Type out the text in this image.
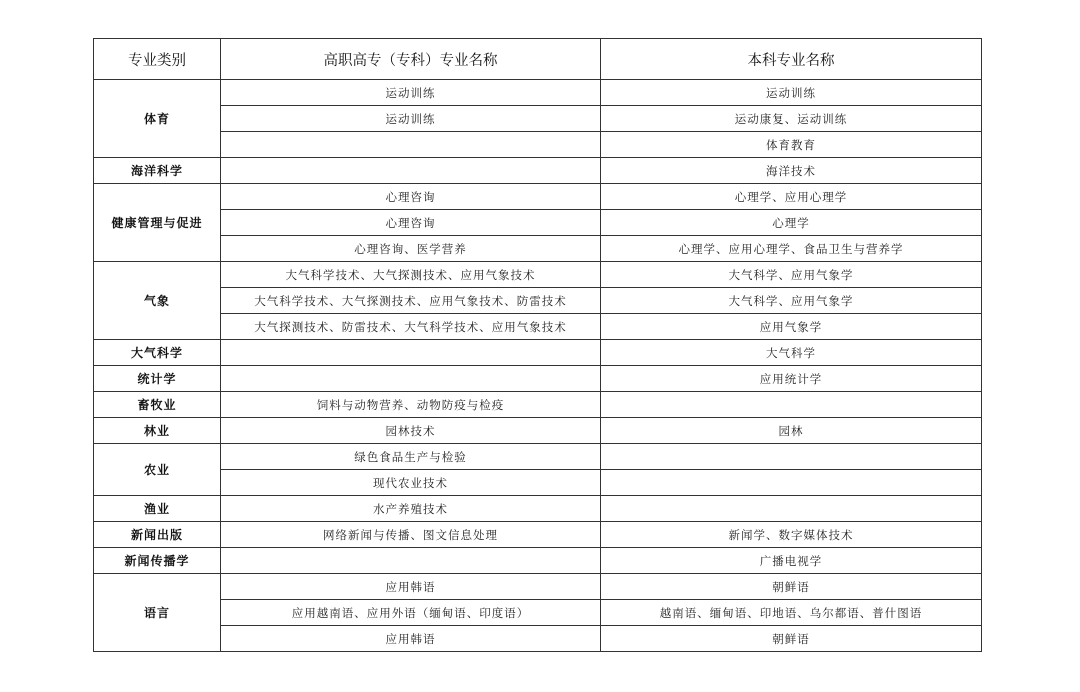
专业类别	高职高专（专科）专业名称	本科专业名称
体育	运动训练	运动训练
	运动训练	运动康复、运动训练
		体育教育
海洋科学		海洋技术
健康管理与促进	心理咨询	心理学、应用心理学
	心理咨询	心理学
	心理咨询、医学营养	心理学、应用心理学、食品卫生与营养学
气象	大气科学技术、大气探测技术、应用气象技术	大气科学、应用气象学
	大气科学技术、大气探测技术、应用气象技术、防雷技术	大气科学、应用气象学
	大气探测技术、防雷技术、大气科学技术、应用气象技术	应用气象学
大气科学		大气科学
统计学		应用统计学
畜牧业	饲料与动物营养、动物防疫与检疫	
林业	园林技术	园林
农业	绿色食品生产与检验	
	现代农业技术	
渔业	水产养殖技术	
新闻出版	网络新闻与传播、图文信息处理	新闻学、数字媒体技术
新闻传播学		广播电视学
语言	应用韩语	朝鲜语
	应用越南语、应用外语（缅甸语、印度语）	越南语、缅甸语、印地语、乌尔都语、普什图语
	应用韩语	朝鲜语
